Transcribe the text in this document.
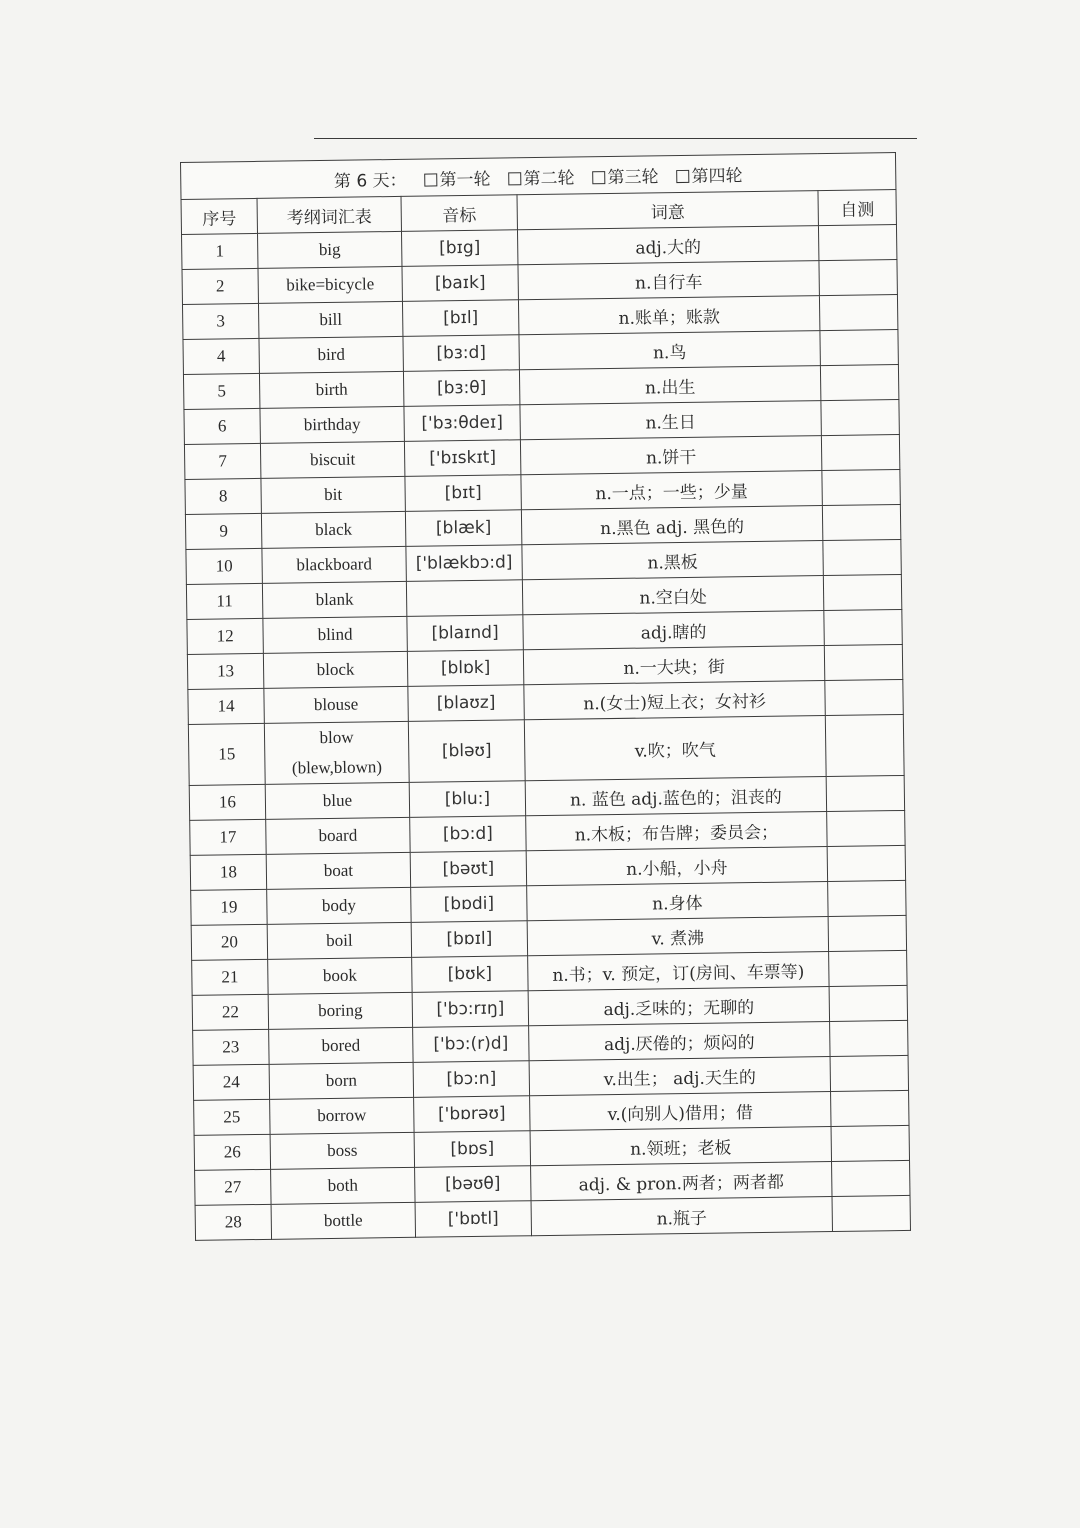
第 6 天： 第一轮 第二轮 第三轮 第四轮				
序号	考纲词汇表	音标	词意	自测
1	big	[bɪg]	adj.大的	
2	bike=bicycle	[baɪk]	n.自行车	
3	bill	[bɪl]	n.账单；账款	
4	bird	[bɜ:d]	n.鸟	
5	birth	[bɜ:θ]	n.出生	
6	birthday	['bɜ:θdeɪ]	n.生日	
7	biscuit	['bɪskɪt]	n.饼干	
8	bit	[bɪt]	n.一点；一些；少量	
9	black	[blæk]	n.黑色 adj. 黑色的	
10	blackboard	['blækbɔ:d]	n.黑板	
11	blank		n.空白处	
12	blind	[blaɪnd]	adj.瞎的	
13	block	[blɒk]	n.一大块；街	
14	blouse	[blaʊz]	n.(女士)短上衣；女衬衫	
15	blow
(blew,blown)	[bləʊ]	v.吹；吹气	
16	blue	[blu:]	n. 蓝色 adj.蓝色的；沮丧的	
17	board	[bɔ:d]	n.木板；布告牌；委员会；	
18	boat	[bəʊt]	n.小船，小舟	
19	body	[bɒdi]	n.身体	
20	boil	[bɒɪl]	v. 煮沸	
21	book	[bʊk]	n.书；v. 预定，订(房间、车票等)	
22	boring	['bɔ:rɪŋ]	adj.乏味的；无聊的	
23	bored	['bɔ:(r)d]	adj.厌倦的；烦闷的	
24	born	[bɔ:n]	v.出生； adj.天生的	
25	borrow	['bɒrəʊ]	v.(向别人)借用；借	
26	boss	[bɒs]	n.领班；老板	
27	both	[bəʊθ]	adj. & pron.两者；两者都	
28	bottle	['bɒtl]	n.瓶子	
